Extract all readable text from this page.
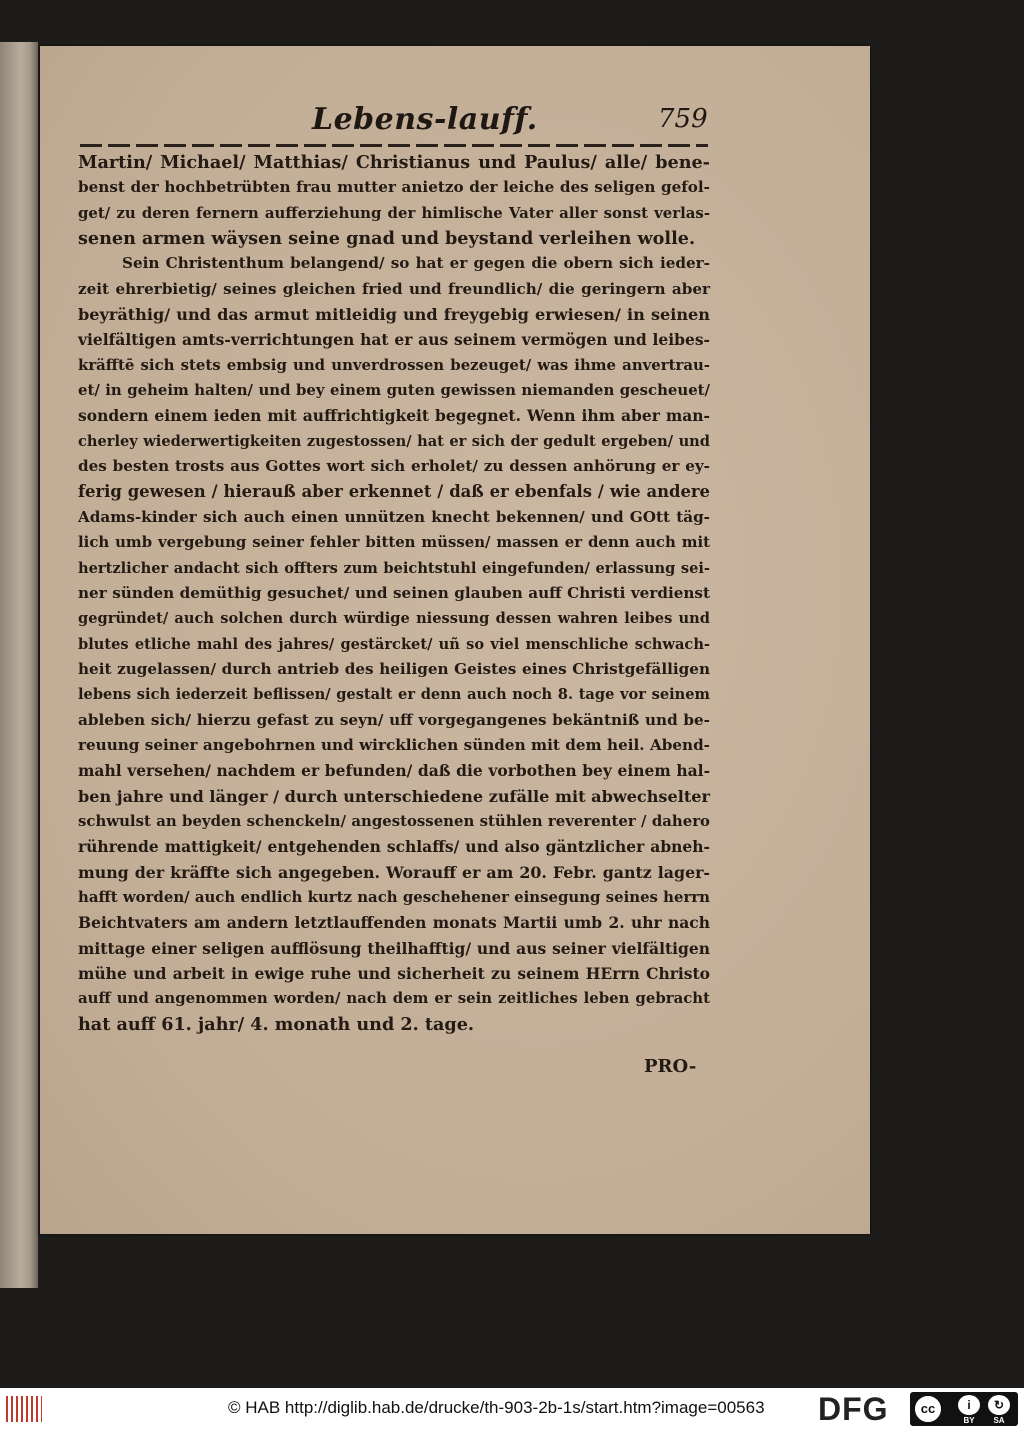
Lebens-lauff.	759
Martin/ Michael/ Matthias/ Christianus und Paulus/ alle/ bene-
benst der hochbetrübten frau mutter anietzo der leiche des seligen gefol-
get/ zu deren fernern aufferziehung der himlische Vater aller sonst verlas-
senen armen wäysen seine gnad und beystand verleihen wolle.
Sein Christenthum belangend/ so hat er gegen die obern sich ieder-
zeit ehrerbietig/ seines gleichen fried und freundlich/ die geringern aber
beyräthig/ und das armut mitleidig und freygebig erwiesen/ in seinen
vielfältigen amts-verrichtungen hat er aus seinem vermögen und leibes-
kräfftē sich stets embsig und unverdrossen bezeuget/ was ihme anvertrau-
et/ in geheim halten/ und bey einem guten gewissen niemanden gescheuet/
sondern einem ieden mit auffrichtigkeit begegnet. Wenn ihm aber man-
cherley wiederwertigkeiten zugestossen/ hat er sich der gedult ergeben/ und
des besten trosts aus Gottes wort sich erholet/ zu dessen anhörung er ey-
ferig gewesen / hierauß aber erkennet / daß er ebenfals / wie andere
Adams-kinder sich auch einen unnützen knecht bekennen/ und GOtt täg-
lich umb vergebung seiner fehler bitten müssen/ massen er denn auch mit
hertzlicher andacht sich offters zum beichtstuhl eingefunden/ erlassung sei-
ner sünden demüthig gesuchet/ und seinen glauben auff Christi verdienst
gegründet/ auch solchen durch würdige niessung dessen wahren leibes und
blutes etliche mahl des jahres/ gestärcket/ uñ so viel menschliche schwach-
heit zugelassen/ durch antrieb des heiligen Geistes eines Christgefälligen
lebens sich iederzeit beflissen/ gestalt er denn auch noch 8. tage vor seinem
ableben sich/ hierzu gefast zu seyn/ uff vorgegangenes bekäntniß und be-
reuung seiner angebohrnen und wircklichen sünden mit dem heil. Abend-
mahl versehen/ nachdem er befunden/ daß die vorbothen bey einem hal-
ben jahre und länger / durch unterschiedene zufälle mit abwechselter
schwulst an beyden schenckeln/ angestossenen stühlen reverenter / dahero
rührende mattigkeit/ entgehenden schlaffs/ und also gäntzlicher abneh-
mung der kräffte sich angegeben. Worauff er am 20. Febr. gantz lager-
hafft worden/ auch endlich kurtz nach geschehener einsegung seines herrn
Beichtvaters am andern letztlauffenden monats Martii umb 2. uhr nach
mittage einer seligen aufflösung theilhafftig/ und aus seiner vielfältigen
mühe und arbeit in ewige ruhe und sicherheit zu seinem HErrn Christo
auff und angenommen worden/ nach dem er sein zeitliches leben gebracht
hat auff 61. jahr/ 4. monath und 2. tage.
PRO-
© HAB http://diglib.hab.de/drucke/th-903-2b-1s/start.htm?image=00563 DFG	cc	i	↻
BY	SA
